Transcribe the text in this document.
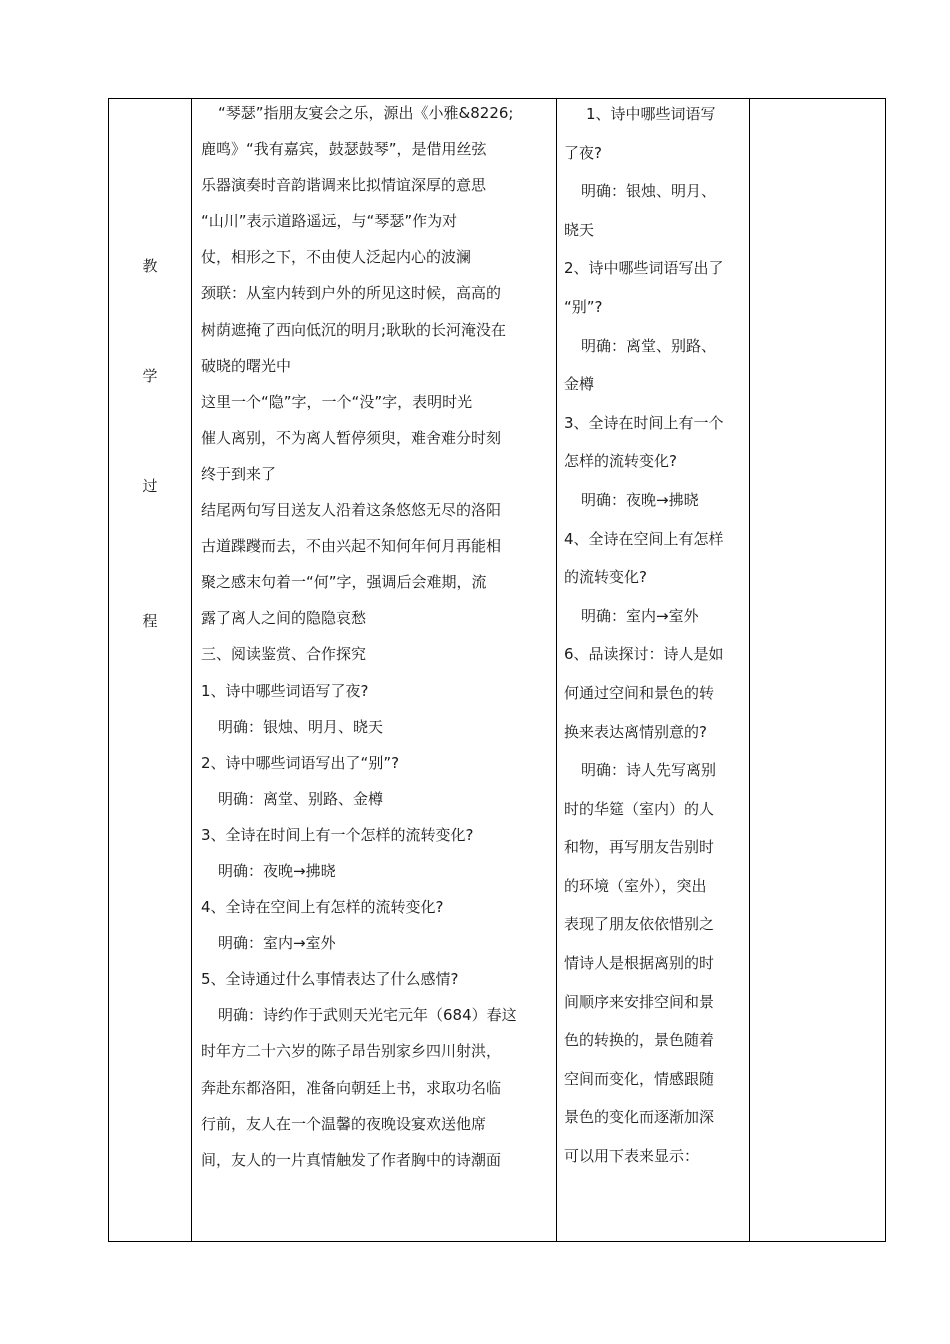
教
学
过
程
“琴瑟”指朋友宴会之乐，源出《小雅&8226;
鹿鸣》“我有嘉宾，鼓瑟鼓琴”，是借用丝弦
乐器演奏时音韵谐调来比拟情谊深厚的意思
“山川”表示道路遥远，与“琴瑟”作为对
仗，相形之下，不由使人泛起内心的波澜
颈联：从室内转到户外的所见这时候，高高的
树荫遮掩了西向低沉的明月;耿耿的长河淹没在
破晓的曙光中
这里一个“隐”字，一个“没”字，表明时光
催人离别，不为离人暂停须臾，难舍难分时刻
终于到来了
结尾两句写目送友人沿着这条悠悠无尽的洛阳
古道蹀躞而去，不由兴起不知何年何月再能相
聚之感末句着一“何”字，强调后会难期，流
露了离人之间的隐隐哀愁
三、阅读鉴赏、合作探究
1、诗中哪些词语写了夜?
明确：银烛、明月、晓天
2、诗中哪些词语写出了“别”?
明确：离堂、别路、金樽
3、全诗在时间上有一个怎样的流转变化?
明确：夜晚→拂晓
4、全诗在空间上有怎样的流转变化?
明确：室内→室外
5、全诗通过什么事情表达了什么感情?
明确：诗约作于武则天光宅元年（684）春这
时年方二十六岁的陈子昂告别家乡四川射洪，
奔赴东都洛阳，准备向朝廷上书，求取功名临
行前，友人在一个温馨的夜晚设宴欢送他席
间，友人的一片真情触发了作者胸中的诗潮面
1、诗中哪些词语写
了夜?
明确：银烛、明月、
晓天
2、诗中哪些词语写出了
“别”?
明确：离堂、别路、
金樽
3、全诗在时间上有一个
怎样的流转变化?
明确：夜晚→拂晓
4、全诗在空间上有怎样
的流转变化?
明确：室内→室外
6、品读探讨：诗人是如
何通过空间和景色的转
换来表达离情别意的?
明确：诗人先写离别
时的华筵（室内）的人
和物，再写朋友告别时
的环境（室外），突出
表现了朋友依依惜别之
情诗人是根据离别的时
间顺序来安排空间和景
色的转换的，景色随着
空间而变化，情感跟随
景色的变化而逐渐加深
可以用下表来显示：
